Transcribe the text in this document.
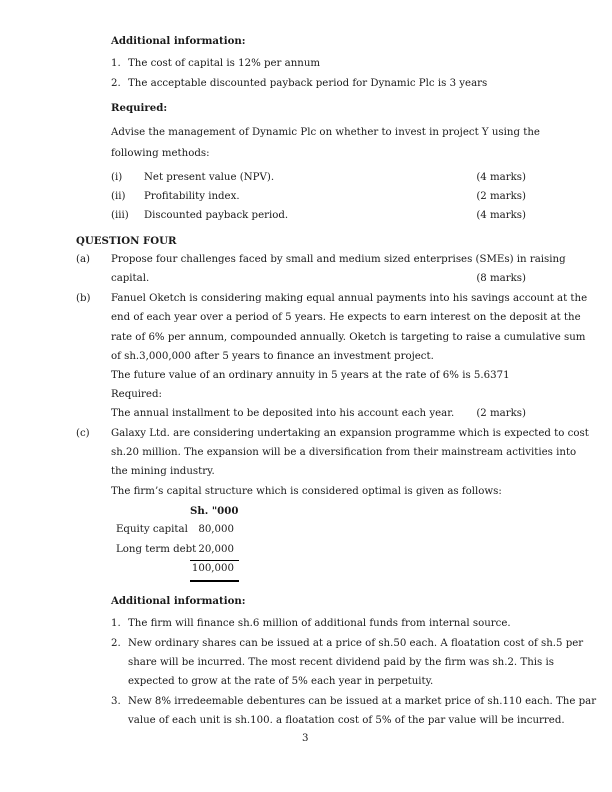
Additional information:
1. The cost of capital is 12% per annum
2. The acceptable discounted payback period for Dynamic Plc is 3 years
Required:
Advise the management of Dynamic Plc on whether to invest in project Y using the
following methods:
(i) Net present value (NPV).	(4 marks)
(ii) Profitability index.	(2 marks)
(iii) Discounted payback period.	(4 marks)
QUESTION FOUR
(a) Propose four challenges faced by small and medium sized enterprises (SMEs) in raising
capital.	(8 marks)
(b) Fanuel Oketch is considering making equal annual payments into his savings account at the
end of each year over a period of 5 years. He expects to earn interest on the deposit at the
rate of 6% per annum, compounded annually. Oketch is targeting to raise a cumulative sum
of sh.3,000,000 after 5 years to finance an investment project.
The future value of an ordinary annuity in 5 years at the rate of 6% is 5.6371
Required:
The annual installment to be deposited into his account each year. (2 marks)
(c) Galaxy Ltd. are considering undertaking an expansion programme which is expected to cost
sh.20 million. The expansion will be a diversification from their mainstream activities into
the mining industry.
The firm’s capital structure which is considered optimal is given as follows:
Sh. "000
Equity capital	80,000
Long term debt 20,000
100,000
Additional information:
1. The firm will finance sh.6 million of additional funds from internal source.
2. New ordinary shares can be issued at a price of sh.50 each. A floatation cost of sh.5 per
share will be incurred. The most recent dividend paid by the firm was sh.2. This is
expected to grow at the rate of 5% each year in perpetuity.
3. New 8% irredeemable debentures can be issued at a market price of sh.110 each. The par
value of each unit is sh.100. a floatation cost of 5% of the par value will be incurred.
3
